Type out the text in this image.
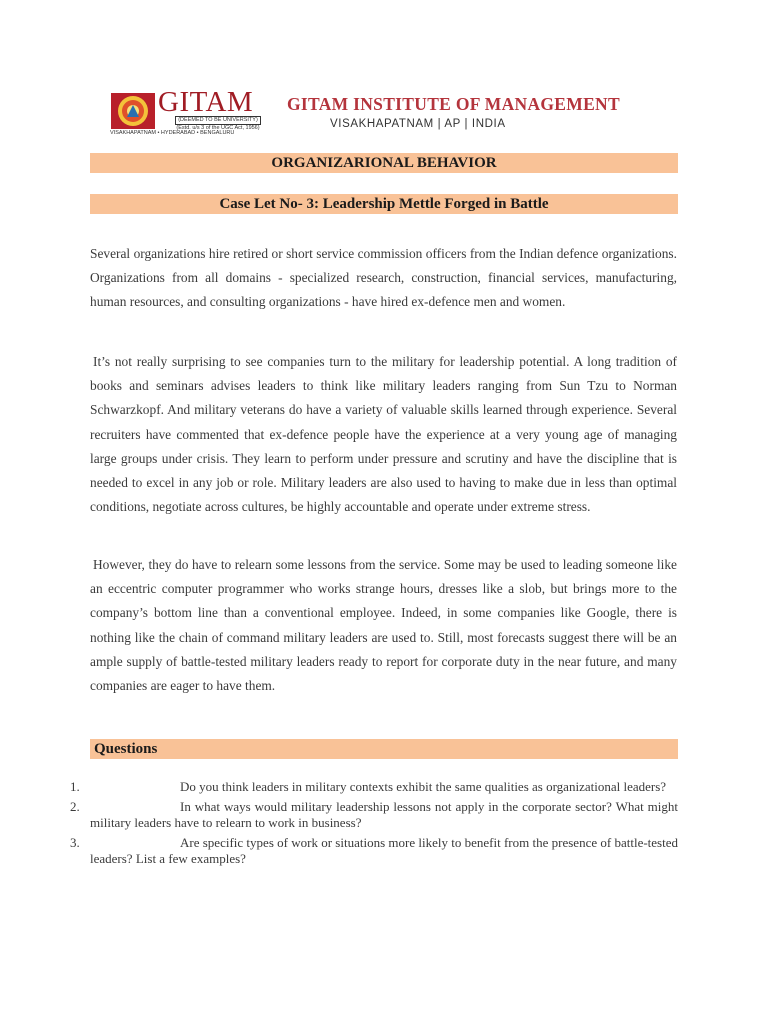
GITAM
(DEEMED TO BE UNIVERSITY)
(Estd. u/s 3 of the UGC Act, 1956)
VISAKHAPATNAM • HYDERABAD • BENGALURU
GITAM INSTITUTE OF MANAGEMENT
VISAKHAPATNAM | AP | INDIA
ORGANIZARIONAL BEHAVIOR
Case Let No- 3: Leadership Mettle Forged in Battle

Several organizations hire retired or short service commission officers from the Indian defence organizations. Organizations from all domains - specialized research, construction, financial services, manufacturing, human resources, and consulting organizations - have hired ex-defence men and women.

It’s not really surprising to see companies turn to the military for leadership potential. A long tradition of books and seminars advises leaders to think like military leaders ranging from Sun Tzu to Norman Schwarzkopf. And military veterans do have a variety of valuable skills learned through experience. Several recruiters have commented that ex-defence people have the experience at a very young age of managing large groups under crisis. They learn to perform under pressure and scrutiny and have the discipline that is needed to excel in any job or role. Military leaders are also used to having to make due in less than optimal conditions, negotiate across cultures, be highly accountable and operate under extreme stress.

However, they do have to relearn some lessons from the service. Some may be used to leading someone like an eccentric computer programmer who works strange hours, dresses like a slob, but brings more to the company’s bottom line than a conventional employee. Indeed, in some companies like Google, there is nothing like the chain of command military leaders are used to. Still, most forecasts suggest there will be an ample supply of battle-tested military leaders ready to report for corporate duty in the near future, and many companies are eager to have them.

Questions
1.	Do you think leaders in military contexts exhibit the same qualities as organizational leaders?
2.	In what ways would military leadership lessons not apply in the corporate sector? What might military leaders have to relearn to work in business?
3.	Are specific types of work or situations more likely to benefit from the presence of battle-tested leaders? List a few examples?
